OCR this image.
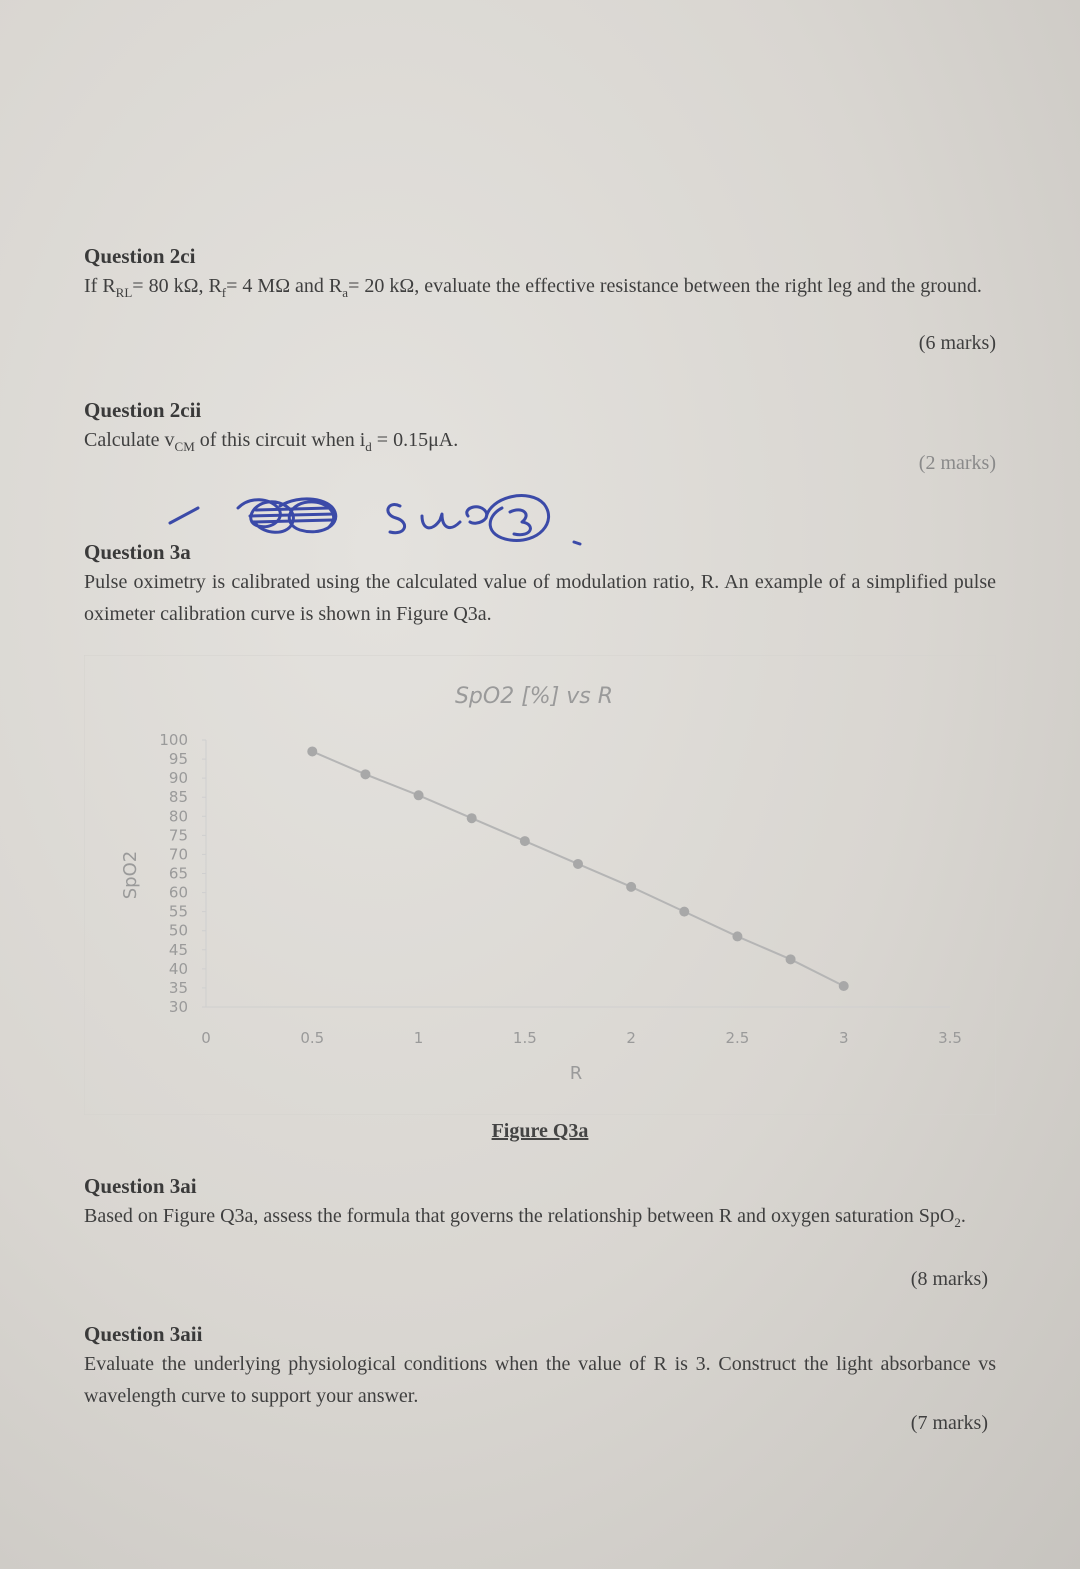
Question 2ci
If $R_{RL}= 80$ kΩ, $R_f= 4$ MΩ and $R_a= 20$ kΩ, evaluate the effective resistance between the right leg and the ground.
(6 marks)
Question 2cii
Calculate $v_{CM}$ of this circuit when $i_d = 0.15\mu A$.
(2 marks)
Question 3a
Pulse oximetry is calibrated using the calculated value of modulation ratio, R. An example of a simplified pulse oximeter calibration curve is shown in Figure Q3a.
SpO2 [%] vs R
100
95
90
85
80
75
70
65
60
55
50
45
40
35
30
0	0.5	1	1.5	2	2.5	3	3.5
R
SpO2
Figure Q3a
Question 3ai
Based on Figure Q3a, assess the formula that governs the relationship between R and oxygen saturation SpO$_2$.
(8 marks)
Question 3aii
Evaluate the underlying physiological conditions when the value of R is 3. Construct the light absorbance vs wavelength curve to support your answer.
(7 marks)
